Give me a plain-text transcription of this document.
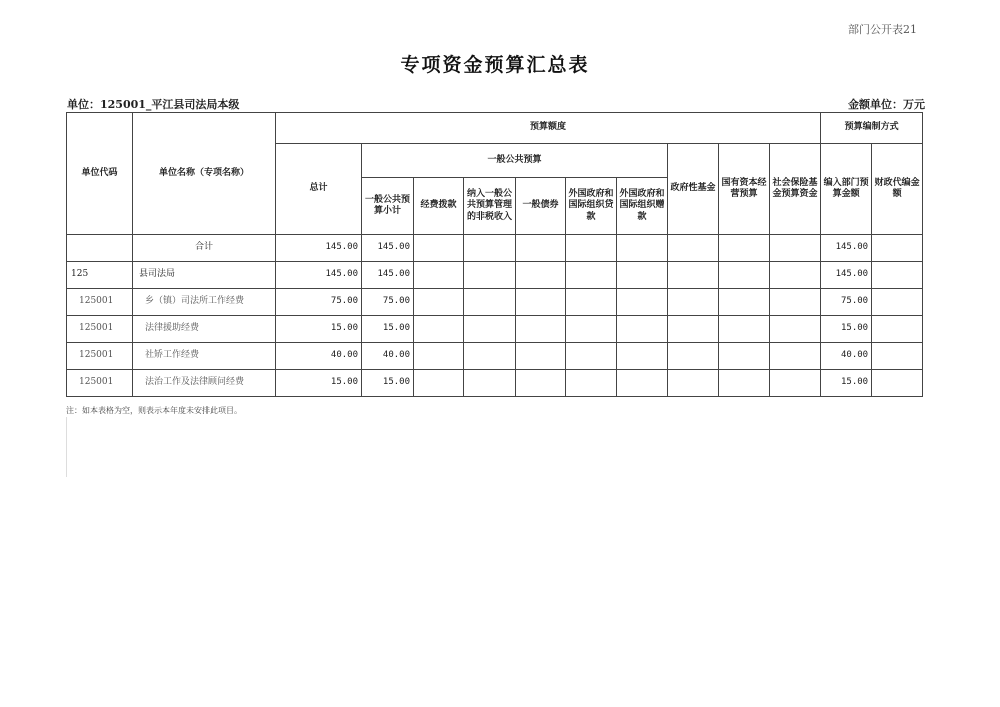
部门公开表21
专项资金预算汇总表
单位：125001_平江县司法局本级	金额单位：万元
单位代码	单位名称（专项名称）	预算额度										预算编制方式	
		总计	一般公共预算						政府性基金	国有资本经营预算	社会保险基金预算资金	编入部门预算金额	财政代编金额
			一般公共预算小计	经费拨款	纳入一般公共预算管理的非税收入	一般债券	外国政府和国际组织贷款	外国政府和国际组织赠款					
	合计	145.00	145.00									145.00	
125	县司法局	145.00	145.00									145.00	
125001	乡（镇）司法所工作经费	75.00	75.00									75.00	
125001	法律援助经费	15.00	15.00									15.00	
125001	社矫工作经费	40.00	40.00									40.00	
125001	法治工作及法律顾问经费	15.00	15.00									15.00	
注：如本表格为空，则表示本年度未安排此项目。
